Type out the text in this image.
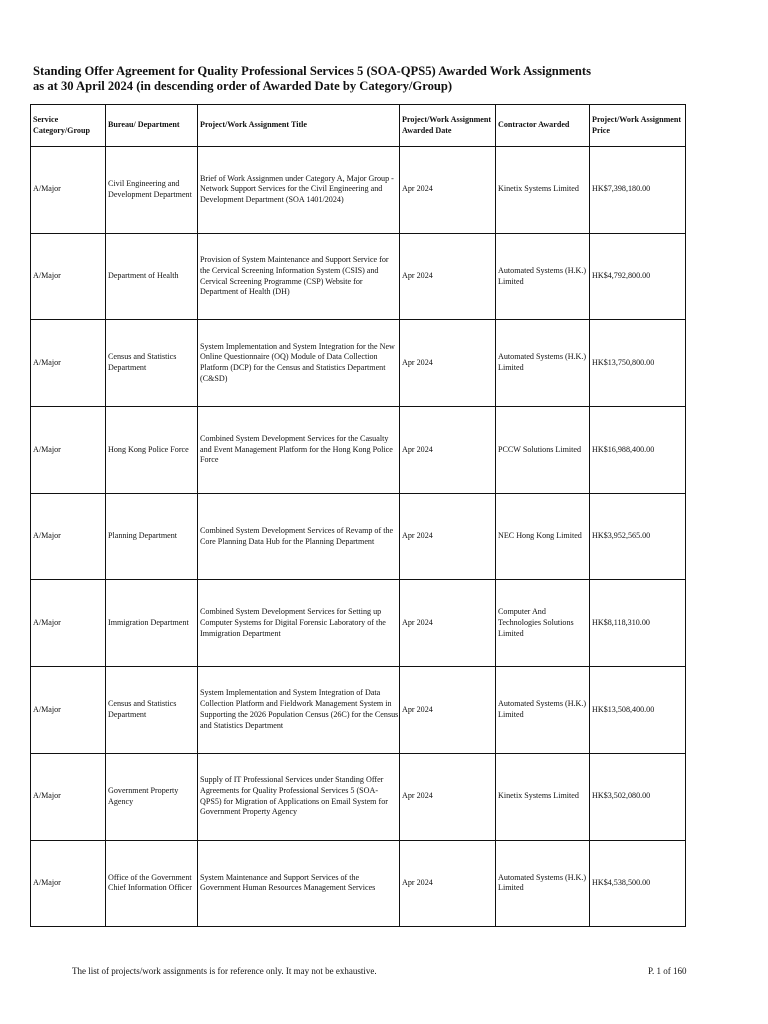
Standing Offer Agreement for Quality Professional Services 5 (SOA-QPS5) Awarded Work Assignments
as at 30 April 2024 (in descending order of Awarded Date by Category/Group)
Service Category/Group	Bureau/ Department	Project/Work Assignment Title	Project/Work Assignment Awarded Date	Contractor Awarded	Project/Work Assignment Price
A/Major	Civil Engineering and Development Department	Brief of Work Assignmen under Category A, Major Group -Network Support Services for the Civil Engineering and Development Department (SOA 1401/2024)	Apr 2024	Kinetix Systems Limited	HK$7,398,180.00
A/Major	Department of Health	Provision of System Maintenance and Support Service for the Cervical Screening Information System (CSIS) and Cervical Screening Programme (CSP) Website for Department of Health (DH)	Apr 2024	Automated Systems (H.K.) Limited	HK$4,792,800.00
A/Major	Census and Statistics Department	System Implementation and System Integration for the New Online Questionnaire (OQ) Module of Data Collection Platform (DCP) for the Census and Statistics Department (C&SD)	Apr 2024	Automated Systems (H.K.) Limited	HK$13,750,800.00
A/Major	Hong Kong Police Force	Combined System Development Services for the Casualty and Event Management Platform for the Hong Kong Police Force	Apr 2024	PCCW Solutions Limited	HK$16,988,400.00
A/Major	Planning Department	Combined System Development Services of Revamp of the Core Planning Data Hub for the Planning Department	Apr 2024	NEC Hong Kong Limited	HK$3,952,565.00
A/Major	Immigration Department	Combined System Development Services for Setting up Computer Systems for Digital Forensic Laboratory of the Immigration Department	Apr 2024	Computer And Technologies Solutions Limited	HK$8,118,310.00
A/Major	Census and Statistics Department	System Implementation and System Integration of Data Collection Platform and Fieldwork Management System in Supporting the 2026 Population Census (26C) for the Census and Statistics Department	Apr 2024	Automated Systems (H.K.) Limited	HK$13,508,400.00
A/Major	Government Property Agency	Supply of IT Professional Services under Standing Offer Agreements for Quality Professional Services 5 (SOA-QPS5) for Migration of Applications on Email System for Government Property Agency	Apr 2024	Kinetix Systems Limited	HK$3,502,080.00
A/Major	Office of the Government Chief Information Officer	System Maintenance and Support Services of the Government Human Resources Management Services	Apr 2024	Automated Systems (H.K.) Limited	HK$4,538,500.00
The list of projects/work assignments is for reference only. It may not be exhaustive.	P. 1 of 160
